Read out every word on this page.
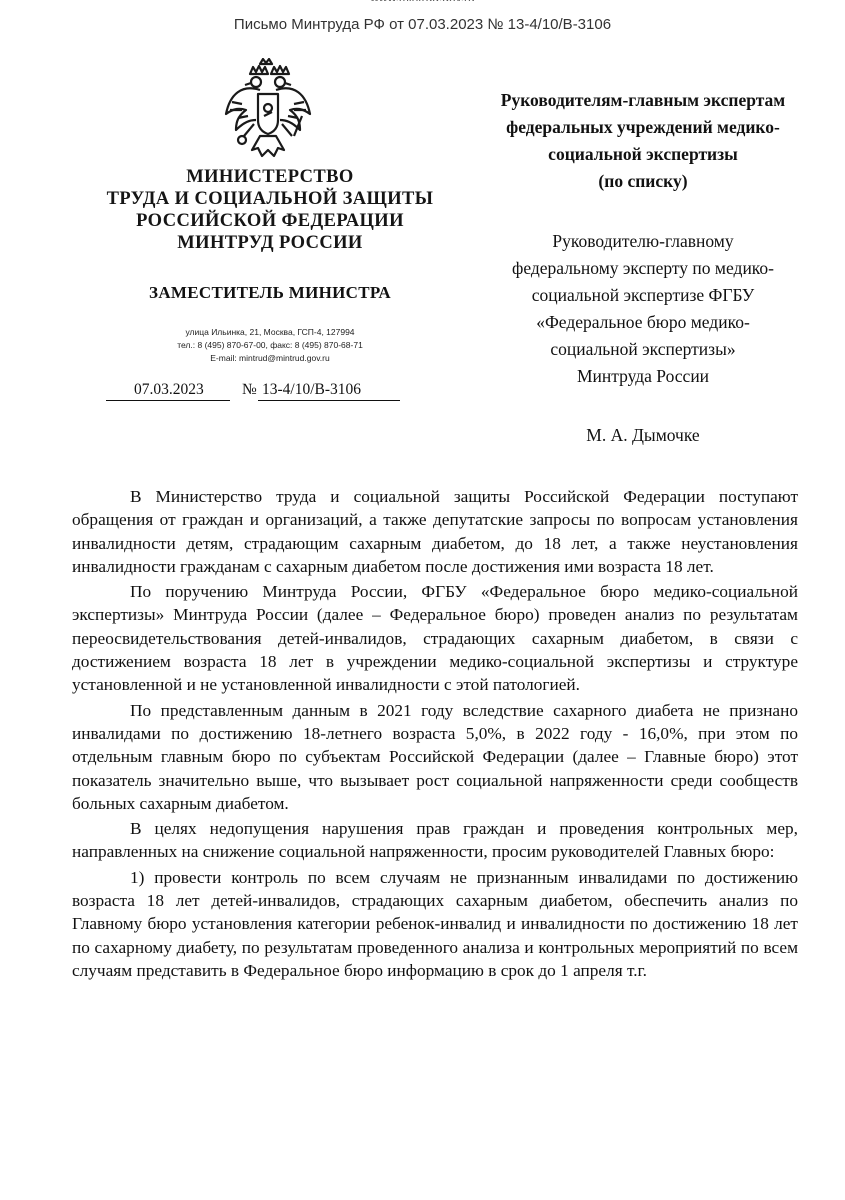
Письмо Минтруда РФ от 07.03.2023 № 13-4/10/В-3106
МИНИСТЕРСТВО
ТРУДА И СОЦИАЛЬНОЙ ЗАЩИТЫ
РОССИЙСКОЙ ФЕДЕРАЦИИ
МИНТРУД РОССИИ
ЗАМЕСТИТЕЛЬ МИНИСТРА
улица Ильинка, 21, Москва, ГСП-4, 127994
тел.: 8 (495) 870-67-00, факс: 8 (495) 870-68-71
E-mail: mintrud@mintrud.gov.ru
07.03.2023 № 13-4/10/В-3106
Руководителям-главным экспертам
федеральных учреждений медико-
социальной экспертизы
(по списку)
Руководителю-главному
федеральному эксперту по медико-
социальной экспертизе ФГБУ
«Федеральное бюро медико-
социальной экспертизы»
Минтруда России
М. А. Дымочке

В Министерство труда и социальной защиты Российской Федерации поступают обращения от граждан и организаций, а также депутатские запросы по вопросам установления инвалидности детям, страдающим сахарным диабетом, до 18 лет, а также неустановления инвалидности гражданам с сахарным диабетом после достижения ими возраста 18 лет.

По поручению Минтруда России, ФГБУ «Федеральное бюро медико-социальной экспертизы» Минтруда России (далее – Федеральное бюро) проведен анализ по результатам переосвидетельствования детей-инвалидов, страдающих сахарным диабетом, в связи с достижением возраста 18 лет в учреждении медико-социальной экспертизы и структуре установленной и не установленной инвалидности с этой патологией.

По представленным данным в 2021 году вследствие сахарного диабета не признано инвалидами по достижению 18-летнего возраста 5,0%, в 2022 году - 16,0%, при этом по отдельным главным бюро по субъектам Российской Федерации (далее – Главные бюро) этот показатель значительно выше, что вызывает рост социальной напряженности среди сообществ больных сахарным диабетом.

В целях недопущения нарушения прав граждан и проведения контрольных мер, направленных на снижение социальной напряженности, просим руководителей Главных бюро:

1) провести контроль по всем случаям не признанным инвалидами по достижению возраста 18 лет детей-инвалидов, страдающих сахарным диабетом, обеспечить анализ по Главному бюро установления категории ребенок-инвалид и инвалидности по достижению 18 лет по сахарному диабету, по результатам проведенного анализа и контрольных мероприятий по всем случаям представить в Федеральное бюро информацию в срок до 1 апреля т.г.
